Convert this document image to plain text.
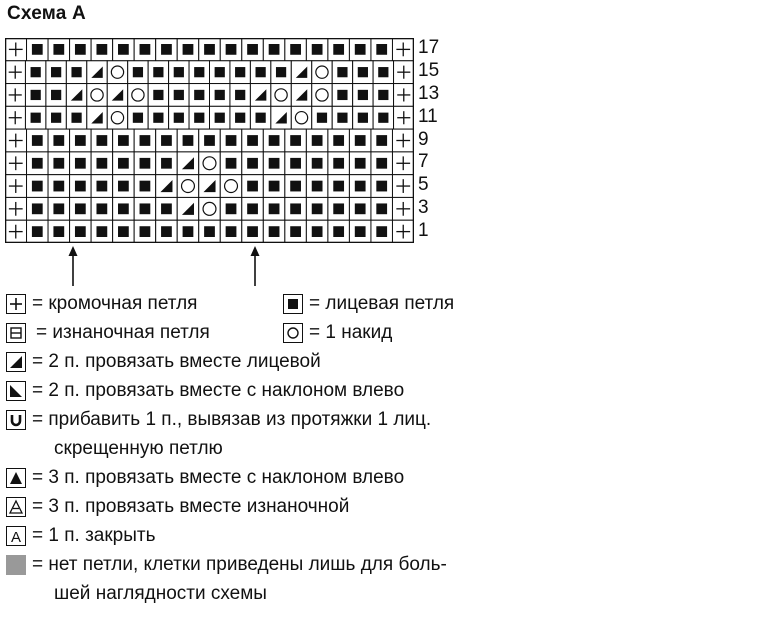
Схема А
17
15
13
11
9
7
5
3
1
= кромочная петля	= лицевая петля
= изнаночная петля	= 1 накид
= 2 п. провязать вместе лицевой
= 2 п. провязать вместе с наклоном влево
= прибавить 1 п., вывязав из протяжки 1 лиц.
скрещенную петлю
= 3 п. провязать вместе с наклоном влево
= 3 п. провязать вместе изнаночной
A = 1 п. закрыть
= нет петли, клетки приведены лишь для боль-
шей наглядности схемы
